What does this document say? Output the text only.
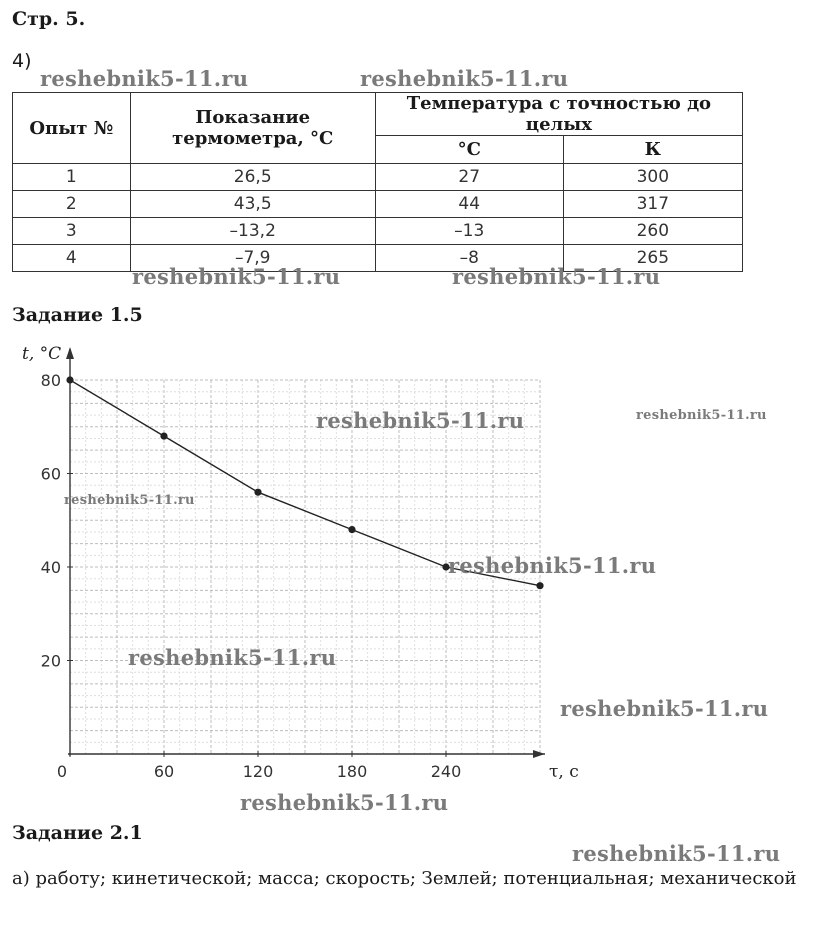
Стр. 5.
4)
reshebnik5-11.ru	reshebnik5-11.ru
Опыт №	Показание термометра, °С	Температура с точностью до целых	
		°С	К
1	26,5	27	300
2	43,5	44	317
3	–13,2	–13	260
4	–7,9	–8	265
reshebnik5-11.ru	reshebnik5-11.ru
Задание 1.5
0	60	120	180	240
20
40
60
80
t, °С
τ, с
reshebnik5-11.ru	reshebnik5-11.ru
reshebnik5-11.ru
reshebnik5-11.ru
reshebnik5-11.ru
reshebnik5-11.ru
reshebnik5-11.ru
Задание 2.1
reshebnik5-11.ru
а) работу; кинетической; масса; скорость; Землей; потенциальная; механической
